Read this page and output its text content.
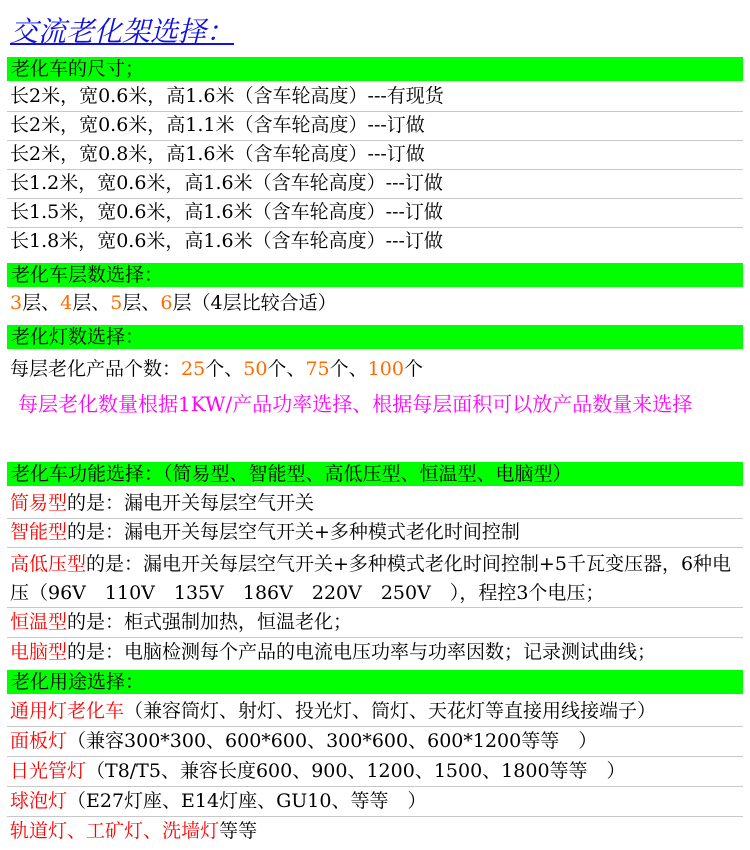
交流老化架选择：
老化车的尺寸；
长2米，宽0.6米，高1.6米（含车轮高度）---有现货
长2米，宽0.6米，高1.1米（含车轮高度）---订做
长2米，宽0.8米，高1.6米（含车轮高度）---订做
长1.2米，宽0.6米，高1.6米（含车轮高度）---订做
长1.5米，宽0.6米，高1.6米（含车轮高度）---订做
长1.8米，宽0.6米，高1.6米（含车轮高度）---订做
老化车层数选择：
3层、4层、5层、6层（4层比较合适）
老化灯数选择：
每层老化产品个数：25个、50个、75个、100个
每层老化数量根据1KW/产品功率选择、根据每层面积可以放产品数量来选择
老化车功能选择：（简易型、智能型、高低压型、恒温型、电脑型）
简易型的是：漏电开关每层空气开关
智能型的是：漏电开关每层空气开关+多种模式老化时间控制
高低压型的是：漏电开关每层空气开关+多种模式老化时间控制+5千瓦变压器，6种电
压（96V　110V　135V　186V　220V　250V　），程控3个电压；
恒温型的是：柜式强制加热，恒温老化；
电脑型的是：电脑检测每个产品的电流电压功率与功率因数；记录测试曲线；
老化用途选择：
通用灯老化车（兼容筒灯、射灯、投光灯、筒灯、天花灯等直接用线接端子）
面板灯（兼容300*300、600*600、300*600、600*1200等等　）
日光管灯（T8/T5、兼容长度600、900、1200、1500、1800等等　）
球泡灯（E27灯座、E14灯座、GU10、等等　）
轨道灯、工矿灯、洗墙灯等等
